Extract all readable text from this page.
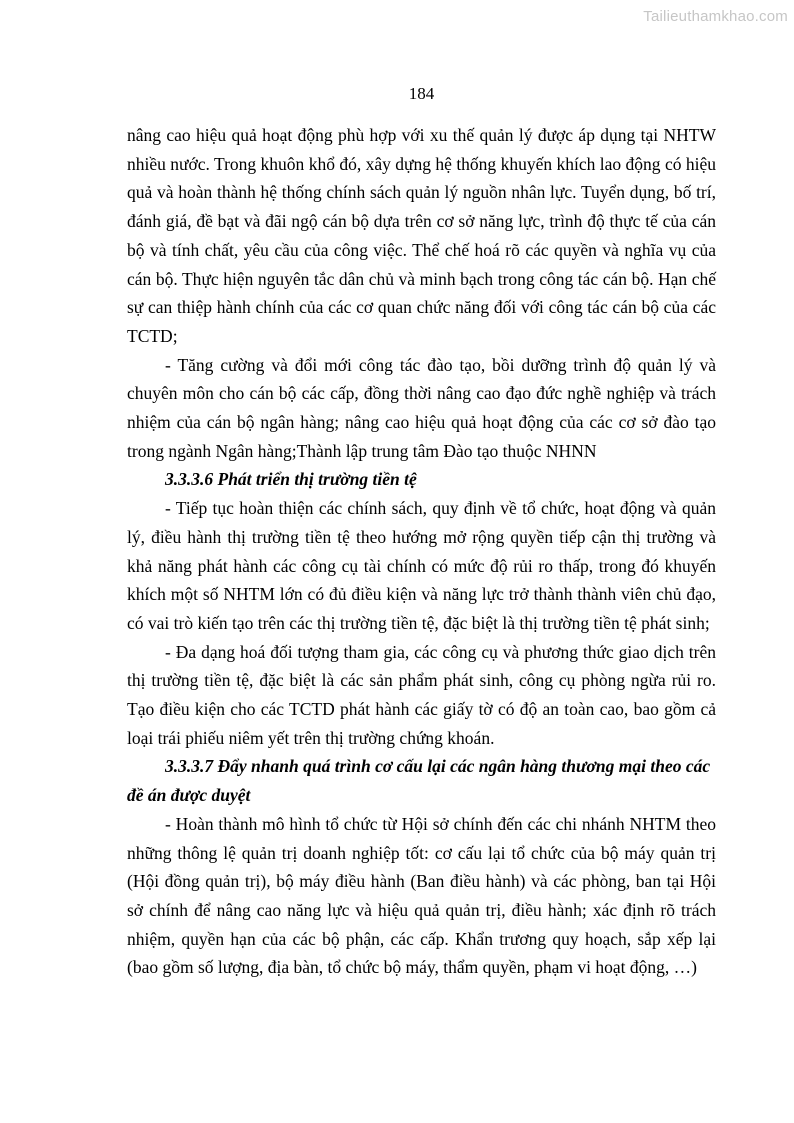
Tailieuthamkhao.com
184

nâng cao hiệu quả hoạt động phù hợp với xu thế quản lý được áp dụng tại NHTW nhiều nước. Trong khuôn khổ đó, xây dựng hệ thống khuyến khích lao động có hiệu quả và hoàn thành hệ thống chính sách quản lý nguồn nhân lực. Tuyển dụng, bố trí, đánh giá, đề bạt và đãi ngộ cán bộ dựa trên cơ sở năng lực, trình độ thực tế của cán bộ và tính chất, yêu cầu của công việc. Thể chế hoá rõ các quyền và nghĩa vụ của cán bộ. Thực hiện nguyên tắc dân chủ và minh bạch trong công tác cán bộ. Hạn chế sự can thiệp hành chính của các cơ quan chức năng đối với công tác cán bộ của các TCTD;

- Tăng cường và đổi mới công tác đào tạo, bồi dưỡng trình độ quản lý và chuyên môn cho cán bộ các cấp, đồng thời nâng cao đạo đức nghề nghiệp và trách nhiệm của cán bộ ngân hàng; nâng cao hiệu quả hoạt động của các cơ sở đào tạo trong ngành Ngân hàng;Thành lập trung tâm Đào tạo thuộc NHNN

3.3.3.6 Phát triển thị trường tiền tệ

- Tiếp tục hoàn thiện các chính sách, quy định về tổ chức, hoạt động và quản lý, điều hành thị trường tiền tệ theo hướng mở rộng quyền tiếp cận thị trường và khả năng phát hành các công cụ tài chính có mức độ rủi ro thấp, trong đó khuyến khích một số NHTM lớn có đủ điều kiện và năng lực trở thành thành viên chủ đạo, có vai trò kiến tạo trên các thị trường tiền tệ, đặc biệt là thị trường tiền tệ phát sinh;

- Đa dạng hoá đối tượng tham gia, các công cụ và phương thức giao dịch trên thị trường tiền tệ, đặc biệt là các sản phẩm phát sinh, công cụ phòng ngừa rủi ro. Tạo điều kiện cho các TCTD phát hành các giấy tờ có độ an toàn cao, bao gồm cả loại trái phiếu niêm yết trên thị trường chứng khoán.

3.3.3.7 Đẩy nhanh quá trình cơ cấu lại các ngân hàng thương mại theo các đề án được duyệt

- Hoàn thành mô hình tổ chức từ Hội sở chính đến các chi nhánh NHTM theo những thông lệ quản trị doanh nghiệp tốt: cơ cấu lại tổ chức của bộ máy quản trị (Hội đồng quản trị), bộ máy điều hành (Ban điều hành) và các phòng, ban tại Hội sở chính để nâng cao năng lực và hiệu quả quản trị, điều hành; xác định rõ trách nhiệm, quyền hạn của các bộ phận, các cấp. Khẩn trương quy hoạch, sắp xếp lại (bao gồm số lượng, địa bàn, tổ chức bộ máy, thẩm quyền, phạm vi hoạt động, …)
